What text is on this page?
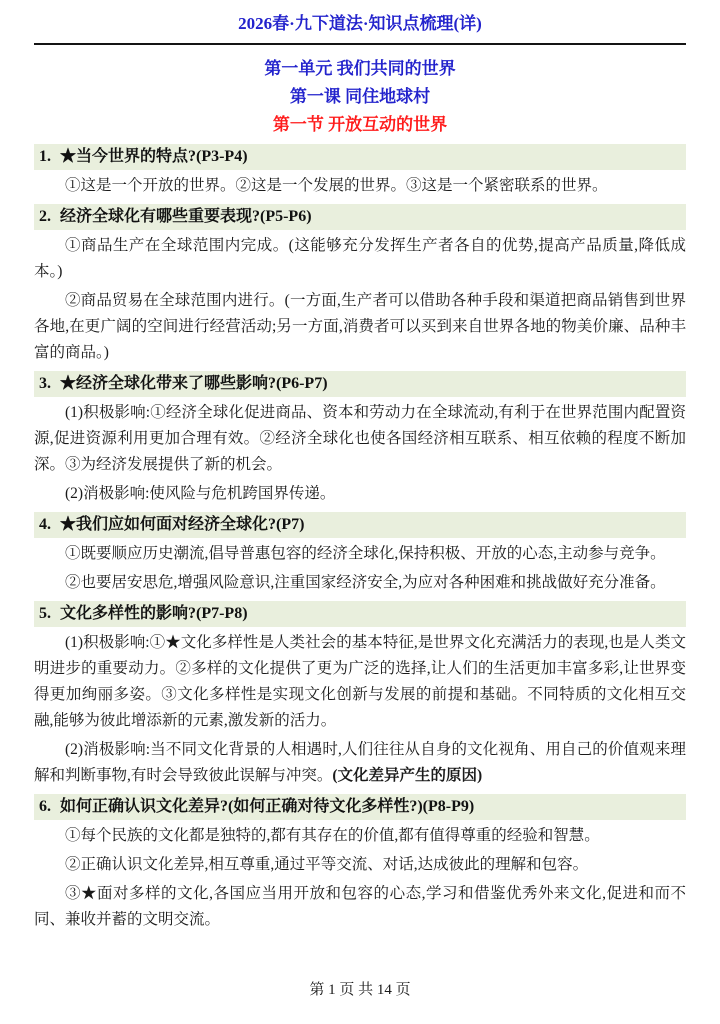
2026春·九下道法·知识点梳理(详)
第一单元 我们共同的世界
第一课 同住地球村
第一节 开放互动的世界
1. ★当今世界的特点?(P3-P4)

①这是一个开放的世界。②这是一个发展的世界。③这是一个紧密联系的世界。

2. 经济全球化有哪些重要表现?(P5-P6)

①商品生产在全球范围内完成。(这能够充分发挥生产者各自的优势,提高产品质量,降低成本。)

②商品贸易在全球范围内进行。(一方面,生产者可以借助各种手段和渠道把商品销售到世界各地,在更广阔的空间进行经营活动;另一方面,消费者可以买到来自世界各地的物美价廉、品种丰富的商品。)

3. ★经济全球化带来了哪些影响?(P6-P7)

(1)积极影响:①经济全球化促进商品、资本和劳动力在全球流动,有利于在世界范围内配置资源,促进资源利用更加合理有效。②经济全球化也使各国经济相互联系、相互依赖的程度不断加深。③为经济发展提供了新的机会。

(2)消极影响:使风险与危机跨国界传递。

4. ★我们应如何面对经济全球化?(P7)

①既要顺应历史潮流,倡导普惠包容的经济全球化,保持积极、开放的心态,主动参与竞争。

②也要居安思危,增强风险意识,注重国家经济安全,为应对各种困难和挑战做好充分准备。

5. 文化多样性的影响?(P7-P8)

(1)积极影响:①★文化多样性是人类社会的基本特征,是世界文化充满活力的表现,也是人类文明进步的重要动力。②多样的文化提供了更为广泛的选择,让人们的生活更加丰富多彩,让世界变得更加绚丽多姿。③文化多样性是实现文化创新与发展的前提和基础。不同特质的文化相互交融,能够为彼此增添新的元素,激发新的活力。

(2)消极影响:当不同文化背景的人相遇时,人们往往从自身的文化视角、用自己的价值观来理解和判断事物,有时会导致彼此误解与冲突。(文化差异产生的原因)

6. 如何正确认识文化差异?(如何正确对待文化多样性?)(P8-P9)

①每个民族的文化都是独特的,都有其存在的价值,都有值得尊重的经验和智慧。

②正确认识文化差异,相互尊重,通过平等交流、对话,达成彼此的理解和包容。

③★面对多样的文化,各国应当用开放和包容的心态,学习和借鉴优秀外来文化,促进和而不同、兼收并蓄的文明交流。

第 1 页 共 14 页
